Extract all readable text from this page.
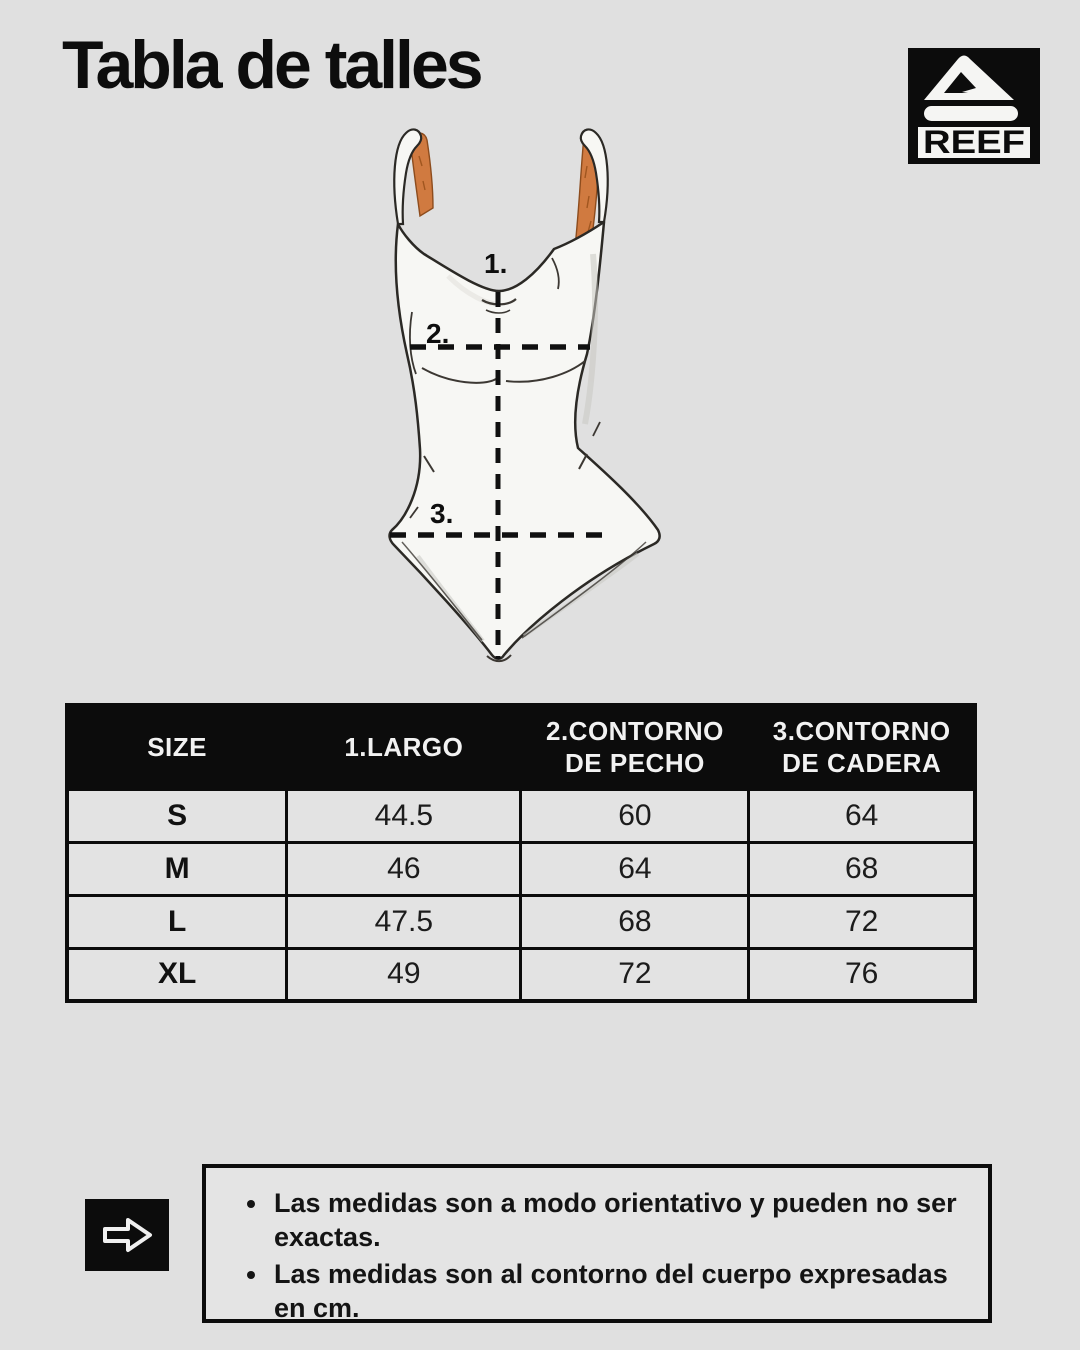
Tabla de talles
REEF
1.
2.
3.
SIZE	1.LARGO	2.CONTORNO DE PECHO	3.CONTORNO DE CADERA
S	44.5	60	64
M	46	64	68
L	47.5	68	72
XL	49	72	76
• Las medidas son a modo orientativo y pueden no ser exactas.
• Las medidas son al contorno del cuerpo expresadas en cm.
